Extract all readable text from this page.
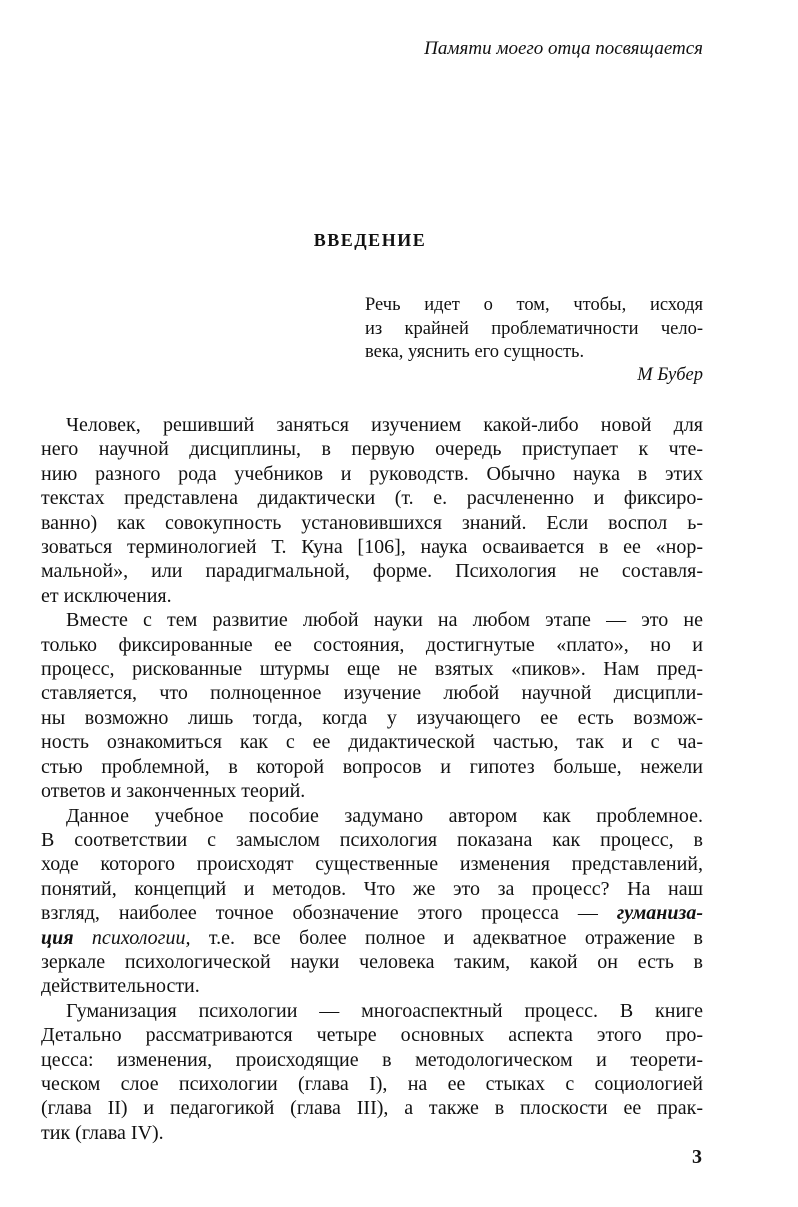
Памяти моего отца посвящается
ВВЕДЕНИЕ
Речь идет о том, чтобы, исходя
из крайней проблематичности чело-
века, уяснить его сущность.
М Бубер
Человек, решивший заняться изучением какой-либо новой для
него научной дисциплины, в первую очередь приступает к чте-
нию разного рода учебников и руководств. Обычно наука в этих
текстах представлена дидактически (т. е. расчлененно и фиксиро-
ванно) как совокупность установившихся знаний. Если воспол ь-
зоваться терминологией Т. Куна [106], наука осваивается в ее «нор-
мальной», или парадигмальной, форме. Психология не составля-
ет исключения.
Вместе с тем развитие любой науки на любом этапе — это не
только фиксированные ее состояния, достигнутые «плато», но и
процесс, рискованные штурмы еще не взятых «пиков». Нам пред-
ставляется, что полноценное изучение любой научной дисципли-
ны возможно лишь тогда, когда у изучающего ее есть возмож-
ность ознакомиться как с ее дидактической частью, так и с ча-
стью проблемной, в которой вопросов и гипотез больше, нежели
ответов и законченных теорий.
Данное учебное пособие задумано автором как проблемное.
В соответствии с замыслом психология показана как процесс, в
ходе которого происходят существенные изменения представлений,
понятий, концепций и методов. Что же это за процесс? На наш
взгляд, наиболее точное обозначение этого процесса — гуманиза-
ция психологии, т.е. все более полное и адекватное отражение в
зеркале психологической науки человека таким, какой он есть в
действительности.
Гуманизация психологии — многоаспектный процесс. В книге
Детально рассматриваются четыре основных аспекта этого про-
цесса: изменения, происходящие в методологическом и теорети-
ческом слое психологии (глава I), на ее стыках с социологией
(глава II) и педагогикой (глава III), а также в плоскости ее прак-
тик (глава IV).
3
